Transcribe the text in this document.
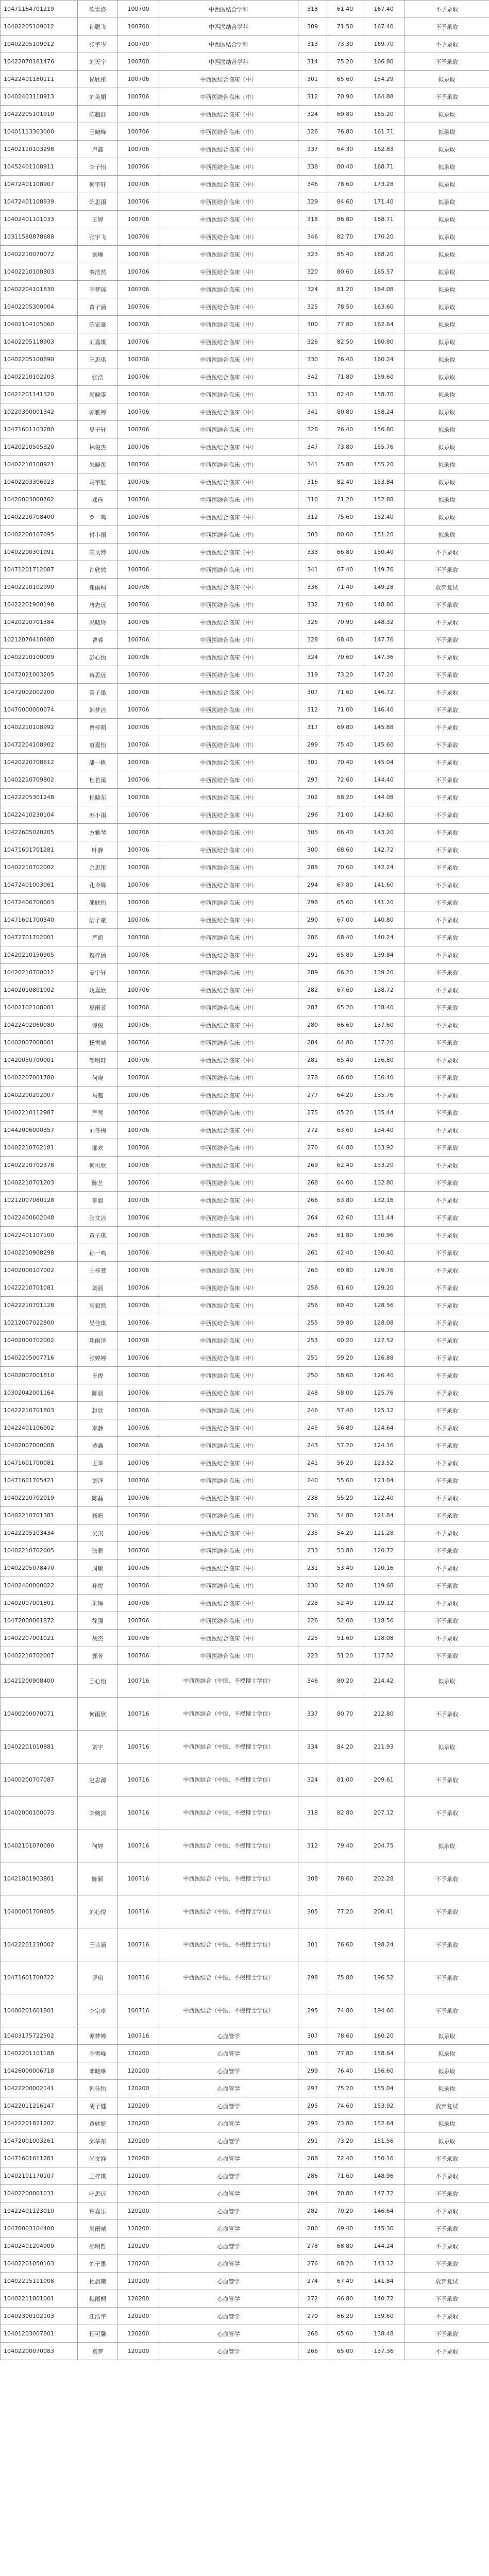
10471164701219	欧雪洛	100700	中西医结合学科	318	61.40	167.40	不予录取
10402205109012	孙鹏飞	100700	中西医结合学科	309	71.50	167.40	不予录取
10402205109012	张宇岑	100700	中西医结合学科	313	73.30	169.70	不予录取
10422070181476	刘天宇	100700	中西医结合学科	314	75.20	166.80	不予录取
10422401180111	侯欣彤	100706	中西医结合临床（中）	301	65.60	154.29	拟录取
10402403118913	刘美娟	100706	中西医结合临床（中）	312	70.90	164.88	不予录取
10422205101910	陈超群	100706	中西医结合临床（中）	324	69.80	165.20	拟录取
10401113303000	王晓峰	100706	中西医结合临床（中）	326	76.80	161.71	拟录取
10402110103298	卢鑫	100706	中西医结合临床（中）	337	64.30	162.83	拟录取
10452401108911	李子怡	100706	中西医结合临床（中）	338	80.40	168.71	拟录取
10472401108907	何宇轩	100706	中西医结合临床（中）	346	78.60	173.28	拟录取
10472401108939	陈思雨	100706	中西医结合临床（中）	329	84.60	171.40	拟录取
10402401101033	王婷	100706	中西医结合临床（中）	318	86.80	168.71	拟录取
10311580878688	张宇飞	100706	中西医结合临床（中）	346	82.70	170.20	拟录取
10402210070072	刘琳	100706	中西医结合临床（中）	323	85.40	168.20	拟录取
10402210108803	秦浩然	100706	中西医结合临床（中）	320	80.60	165.57	拟录取
10402204101830	李梦瑶	100706	中西医结合临床（中）	324	81.20	164.08	拟录取
10402205300004	黄子涵	100706	中西医结合临床（中）	325	78.50	163.60	拟录取
10402104105060	陈家豪	100706	中西医结合临床（中）	300	77.80	162.64	拟录取
10402205118903	刘嘉琪	100706	中西医结合临床（中）	326	82.50	160.80	拟录取
10402205100890	王思琪	100706	中西医结合临床（中）	330	76.40	160.24	拟录取
10402210102203	张浩	100706	中西医结合临床（中）	342	71.80	159.60	拟录取
10421201141320	周晓雯	100706	中西医结合临床（中）	331	82.40	158.70	拟录取
10220300001342	郭雅婷	100706	中西医结合临床（中）	341	80.80	158.24	拟录取
10471601103280	吴子轩	100706	中西医结合临床（中）	326	76.40	156.80	拟录取
10420210505320	林俊杰	100706	中西医结合临床（中）	347	73.80	155.76	拟录取
10402210108921	朱晓彤	100706	中西医结合临床（中）	341	75.80	155.20	拟录取
10402203306923	马宇航	100706	中西医结合临床（中）	316	82.40	153.84	拟录取
10420003000762	邓佳	100706	中西医结合临床（中）	310	71.20	152.88	拟录取
10402210708400	罗一鸣	100706	中西医结合临床（中）	312	75.60	152.40	拟录取
10402200107095	付小雨	100706	中西医结合临床（中）	303	80.60	151.20	拟录取
10402200301991	高文博	100706	中西医结合临床（中）	333	66.80	150.40	不予录取
10471201712087	许欣然	100706	中西医结合临床（中）	341	67.40	149.76	不予录取
10402210102990	谢雨桐	100706	中西医结合临床（中）	336	71.40	149.28	放弃复试
10422201900198	唐志远	100706	中西医结合临床（中）	332	71.60	148.80	不予录取
10420210701384	冯晓玲	100706	中西医结合临床（中）	326	70.90	148.32	不予录取
10212070410680	曹睿	100706	中西医结合临床（中）	328	68.40	147.76	不予录取
10402210100009	彭心怡	100706	中西医结合临床（中）	324	70.60	147.36	不予录取
10472021003205	蒋思远	100706	中西医结合临床（中）	319	73.20	147.20	不予录取
10472002002200	曾子墨	100706	中西医结合临床（中）	307	71.60	146.72	不予录取
10470000000074	韩梦洁	100706	中西医结合临床（中）	312	71.00	146.40	不予录取
10402210108992	蔡梓萌	100706	中西医结合临床（中）	317	69.80	145.88	不予录取
10472204108902	袁嘉怡	100706	中西医结合临床（中）	299	75.40	145.60	不予录取
10420220708612	潘一帆	100706	中西医结合临床（中）	301	70.40	145.04	不予录取
10402210709802	杜若溪	100706	中西医结合临床（中）	297	72.60	144.40	不予录取
10422205301248	程晓东	100706	中西医结合临床（中）	302	68.20	144.08	不予录取
10422410230104	苏小雨	100706	中西医结合临床（中）	296	71.00	143.60	不予录取
10422605020205	方雅琴	100706	中西医结合临床（中）	305	66.40	143.20	不予录取
10471601701281	叶静	100706	中西医结合临床（中）	300	68.60	142.72	不予录取
10402210702002	余思彤	100706	中西医结合临床（中）	288	70.60	142.24	不予录取
10472401003061	孔令辉	100706	中西医结合临床（中）	294	67.80	141.60	不予录取
10472406700003	熊欣怡	100706	中西医结合临床（中）	298	65.60	141.20	不予录取
10471601700340	陆子豪	100706	中西医结合临床（中）	290	67.00	140.80	不予录取
10472701702001	严凯	100706	中西医结合临床（中）	286	68.40	140.24	不予录取
10420210150905	魏梓涵	100706	中西医结合临床（中）	291	65.80	139.84	不予录取
10420210700012	姜宇轩	100706	中西医结合临床（中）	289	66.20	139.20	不予录取
10402010801002	姚嘉欣	100706	中西医结合临床（中）	282	67.60	138.72	不予录取
10402102108001	夏雨萱	100706	中西医结合临床（中）	287	65.20	138.40	不予录取
10422402060080	谭俊	100706	中西医结合临床（中）	280	66.60	137.60	不予录取
10402007008001	杨雪晴	100706	中西医结合临床（中）	284	64.80	137.20	不予录取
10420050700001	邹明轩	100706	中西医结合临床（中）	281	65.40	136.80	不予录取
10402207001780	何晓	100706	中西医结合临床（中）	278	66.00	136.40	不予录取
10402200202007	马越	100706	中西医结合临床（中）	277	64.20	135.76	不予录取
10402210112987	严雪	100706	中西医结合临床（中）	275	65.20	135.44	不予录取
10442006000357	刘冬梅	100706	中西医结合临床（中）	272	63.60	134.40	不予录取
10402210702181	邵欢	100706	中西医结合临床（中）	270	64.80	133.92	不予录取
10402210702378	何可欣	100706	中西医结合临床（中）	269	62.40	133.20	不予录取
10402210701203	陈艺	100706	中西医结合临床（中）	268	64.00	132.80	不予录取
10212007080128	李毅	100706	中西医结合临床（中）	266	63.80	132.16	不予录取
10422400602048	张文洁	100706	中西医结合临床（中）	264	62.60	131.44	不予录取
10422401107100	黄子琪	100706	中西医结合临床（中）	263	61.80	130.96	不予录取
10402210908298	孙一鸣	100706	中西医结合临床（中）	261	62.40	130.40	不予录取
10402000107002	王梓萱	100706	中西医结合临床（中）	260	60.80	129.76	不予录取
10422210701081	刘晨	100706	中西医结合临床（中）	258	61.60	129.20	不予录取
10422210701128	周毅然	100706	中西医结合临床（中）	256	60.40	128.56	不予录取
10212007022800	吴佳琪	100706	中西医结合临床（中）	255	59.80	128.08	不予录取
10402000702002	郑雨泽	100706	中西医结合临床（中）	253	60.20	127.52	不予录取
10402205007716	张婷婷	100706	中西医结合临床（中）	251	59.20	126.88	不予录取
10402007001810	王俊	100706	中西医结合临床（中）	250	58.60	126.40	不予录取
10302042001164	陈晨	100706	中西医结合临床（中）	248	58.00	125.76	不予录取
10422210701803	赵欣	100706	中西医结合临床（中）	246	57.40	125.12	不予录取
10422401106002	李静	100706	中西医结合临床（中）	245	56.80	124.64	不予录取
10402007000008	黄鑫	100706	中西医结合临床（中）	243	57.20	124.16	不予录取
10471601700081	王华	100706	中西医结合临床（中）	241	56.20	123.52	不予录取
10471601705421	刘洋	100706	中西医结合临床（中）	240	55.60	123.04	不予录取
10402210702019	陈磊	100706	中西医结合临床（中）	238	55.20	122.40	不予录取
10402210701381	杨帆	100706	中西医结合临床（中）	236	54.80	121.84	不予录取
10422205103434	吴凯	100706	中西医结合临床（中）	235	54.20	121.28	不予录取
10402210702005	张鹏	100706	中西医结合临床（中）	233	53.80	120.72	不予录取
10402205078470	周敏	100706	中西医结合临床（中）	231	53.40	120.16	不予录取
10402400000022	孙悦	100706	中西医结合临床（中）	230	52.80	119.68	不予录取
10402007001801	朱琳	100706	中西医结合临床（中）	228	52.40	119.12	不予录取
10472000061872	徐强	100706	中西医结合临床（中）	226	52.00	118.56	不予录取
10402207001021	胡杰	100706	中西医结合临床（中）	225	51.60	118.08	不予录取
10402210702007	郭芳	100706	中西医结合临床（中）	223	51.20	117.52	不予录取
10421200908400	王心怡	100716	中西医结合（中医、不授博士学位）	346	80.20	214.42	拟录取
10400200070071	何雨欣	100716	中西医结合（中医、不授博士学位）	337	80.70	212.80	不予录取
10402201010881	刘宇	100716	中西医结合（中医、不授博士学位）	334	84.20	211.93	拟录取
10400200707087	赵思源	100716	中西医结合（中医、不授博士学位）	324	81.00	209.61	不予录取
10402000100073	李婉清	100716	中西医结合（中医、不授博士学位）	318	82.80	207.12	不予录取
10402101070080	何婷	100716	中西医结合（中医、不授博士学位）	312	79.40	204.75	拟录取
10421801903801	陈颖	100716	中西医结合（中医、不授博士学位）	308	78.60	202.28	不予录取
10400001700805	刘心悦	100716	中西医结合（中医、不授博士学位）	305	77.20	200.41	不予录取
10422201230002	王诗涵	100716	中西医结合（中医、不授博士学位）	301	76.60	198.24	不予录取
10471601700722	罗琪	100716	中西医结合（中医、不授博士学位）	298	75.80	196.52	不予录取
10400201601801	李宗卓	100716	中西医结合（中医、不授博士学位）	295	74.80	194.60	不予录取
10403175722502	谭梦婷	100716	心血管学	307	78.60	160.20	拟录取
10402201101188	李雪峰	120200	心血管学	303	77.80	158.64	拟录取
10426000006718	邓晓琳	120200	心血管学	299	76.40	156.60	拟录取
10422200002141	韩佳怡	120200	心血管学	297	75.20	155.04	拟录取
10422011216147	胡子健	120200	心血管学	295	74.60	153.92	放弃复试
10422201821202	黄欣妍	120200	心血管学	293	73.80	152.64	拟录取
10472001003261	邱华东	120200	心血管学	291	73.20	151.56	拟录取
10471601611281	尚文静	120200	心血管学	288	72.40	150.16	不予录取
10402101170107	王梓琪	120200	心血管学	286	71.60	148.96	不予录取
10402200001031	叶思远	120200	心血管学	284	70.80	147.72	不予录取
10422401123010	许嘉乐	120200	心血管学	282	70.20	146.64	不予录取
10470003104400	周雨晴	120200	心血管学	280	69.40	145.36	不予录取
10402401204909	邵明哲	120200	心血管学	278	68.80	144.24	不予录取
10402201050103	刘子墨	120200	心血管学	276	68.20	143.12	不予录取
10402215111008	杜晨曦	120200	心血管学	274	67.40	141.84	放弃复试
10402211801001	魏雨桐	120200	心血管学	272	66.80	140.72	不予录取
10402300102103	江浩宇	120200	心血管学	270	66.20	139.60	不予录取
10401203007801	程可馨	120200	心血管学	268	65.60	138.48	不予录取
10402200070083	袁梦	120200	心血管学	266	65.00	137.36	不予录取
